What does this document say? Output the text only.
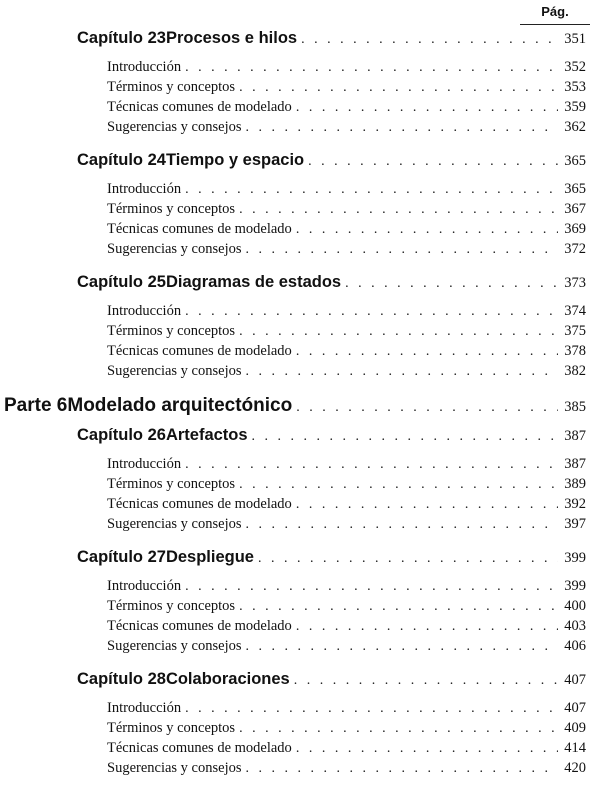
Pág.
Capítulo 23 Procesos e hilos . . .	351
Introducción . . .	352
Términos y conceptos . . .	353
Técnicas comunes de modelado . . .	359
Sugerencias y consejos . . .	362
Capítulo 24 Tiempo y espacio . . .	365
Introducción . . .	365
Términos y conceptos . . .	367
Técnicas comunes de modelado . . .	369
Sugerencias y consejos . . .	372
Capítulo 25 Diagramas de estados . . .	373
Introducción . . .	374
Términos y conceptos . . .	375
Técnicas comunes de modelado . . .	378
Sugerencias y consejos . . .	382
Parte 6 Modelado arquitectónico . . .	385
Capítulo 26 Artefactos . . .	387
Introducción . . .	387
Términos y conceptos . . .	389
Técnicas comunes de modelado . . .	392
Sugerencias y consejos . . .	397
Capítulo 27 Despliegue . . .	399
Introducción . . .	399
Términos y conceptos . . .	400
Técnicas comunes de modelado . . .	403
Sugerencias y consejos . . .	406
Capítulo 28 Colaboraciones . . .	407
Introducción . . .	407
Términos y conceptos . . .	409
Técnicas comunes de modelado . . .	414
Sugerencias y consejos . . .	420
